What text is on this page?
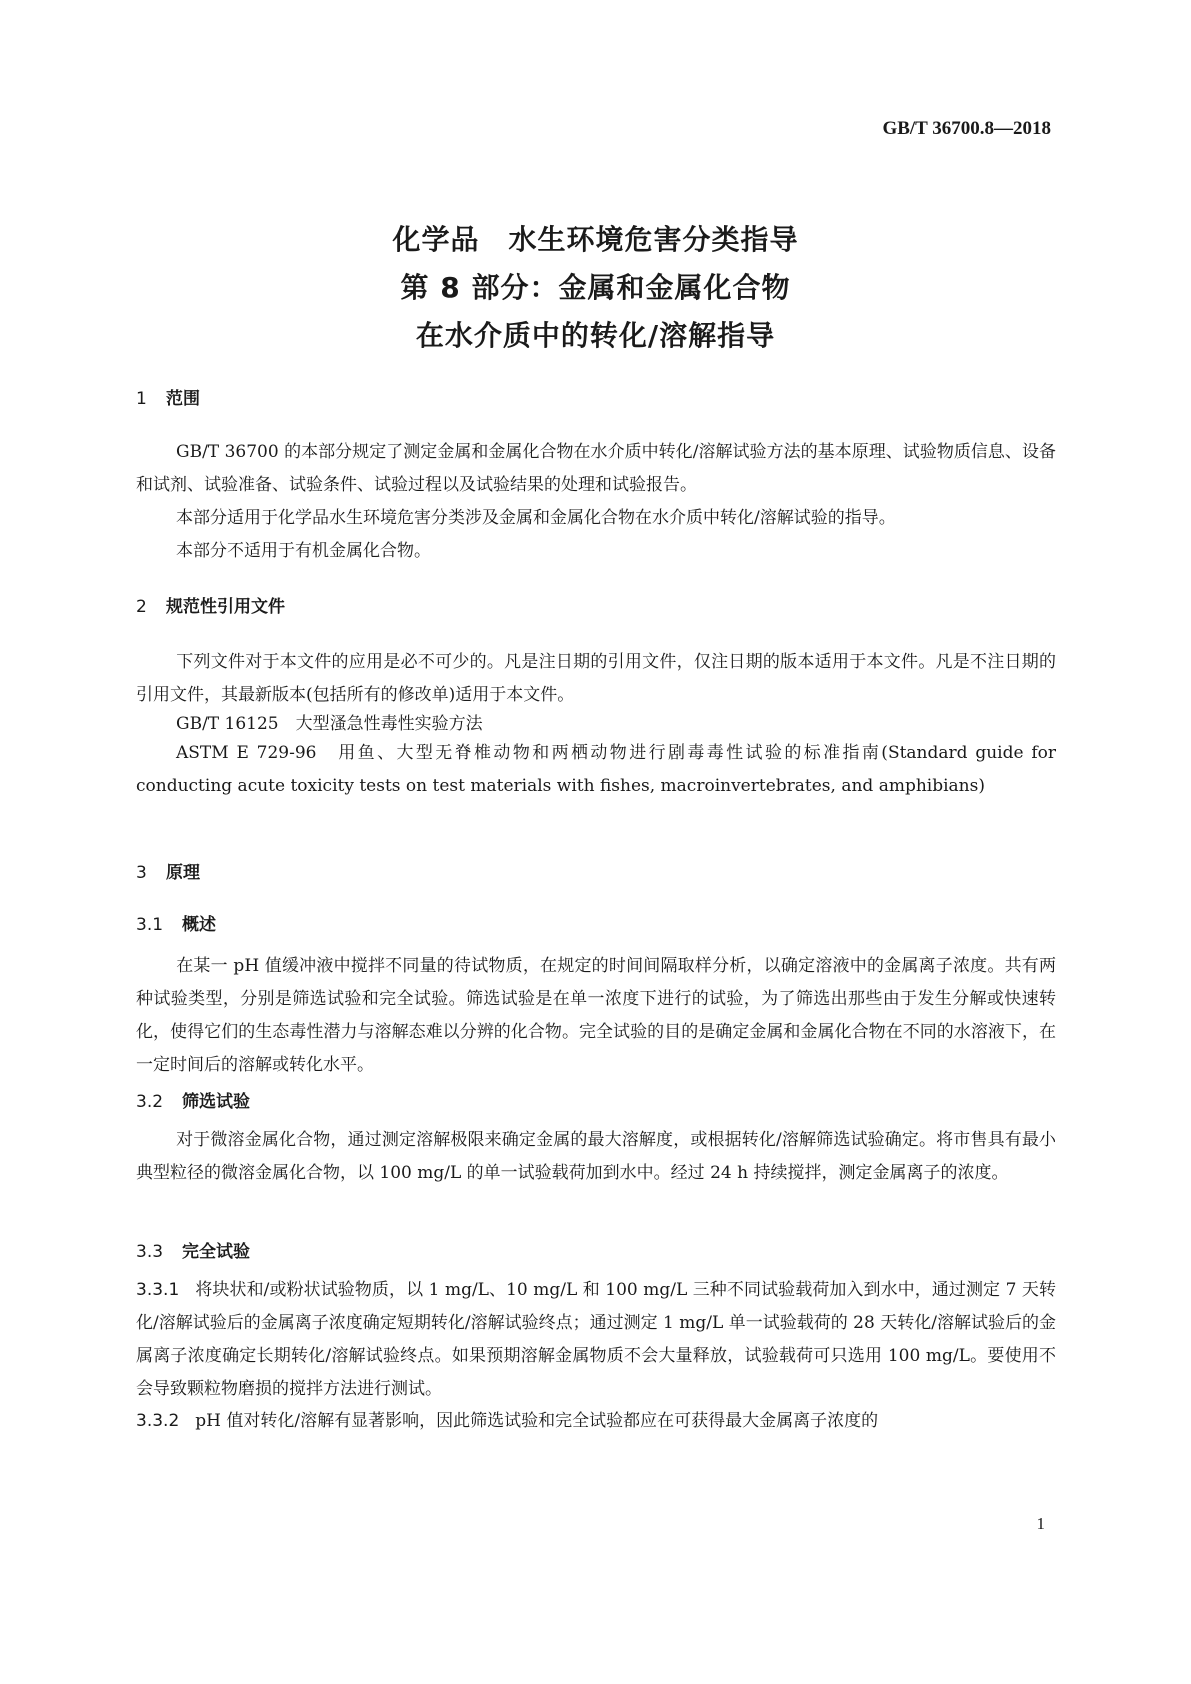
GB/T 36700.8—2018
化学品　水生环境危害分类指导
第 8 部分：金属和金属化合物
在水介质中的转化/溶解指导
1 范围
GB/T 36700 的本部分规定了测定金属和金属化合物在水介质中转化/溶解试验方法的基本原理、试验物质信息、设备和试剂、试验准备、试验条件、试验过程以及试验结果的处理和试验报告。
本部分适用于化学品水生环境危害分类涉及金属和金属化合物在水介质中转化/溶解试验的指导。
本部分不适用于有机金属化合物。
2 规范性引用文件
下列文件对于本文件的应用是必不可少的。凡是注日期的引用文件，仅注日期的版本适用于本文件。凡是不注日期的引用文件，其最新版本(包括所有的修改单)适用于本文件。
GB/T 16125　大型溞急性毒性实验方法
ASTM E 729-96　用鱼、大型无脊椎动物和两栖动物进行剧毒毒性试验的标准指南(Standard guide for conducting acute toxicity tests on test materials with fishes, macroinvertebrates, and amphibians)
3 原理
3.1 概述
在某一 pH 值缓冲液中搅拌不同量的待试物质，在规定的时间间隔取样分析，以确定溶液中的金属离子浓度。共有两种试验类型，分别是筛选试验和完全试验。筛选试验是在单一浓度下进行的试验，为了筛选出那些由于发生分解或快速转化，使得它们的生态毒性潜力与溶解态难以分辨的化合物。完全试验的目的是确定金属和金属化合物在不同的水溶液下，在一定时间后的溶解或转化水平。
3.2 筛选试验
对于微溶金属化合物，通过测定溶解极限来确定金属的最大溶解度，或根据转化/溶解筛选试验确定。将市售具有最小典型粒径的微溶金属化合物，以 100 mg/L 的单一试验载荷加到水中。经过 24 h 持续搅拌，测定金属离子的浓度。
3.3 完全试验
3.3.1 将块状和/或粉状试验物质，以 1 mg/L、10 mg/L 和 100 mg/L 三种不同试验载荷加入到水中，通过测定 7 天转化/溶解试验后的金属离子浓度确定短期转化/溶解试验终点；通过测定 1 mg/L 单一试验载荷的 28 天转化/溶解试验后的金属离子浓度确定长期转化/溶解试验终点。如果预期溶解金属物质不会大量释放，试验载荷可只选用 100 mg/L。要使用不会导致颗粒物磨损的搅拌方法进行测试。
3.3.2 pH 值对转化/溶解有显著影响，因此筛选试验和完全试验都应在可获得最大金属离子浓度的
1
